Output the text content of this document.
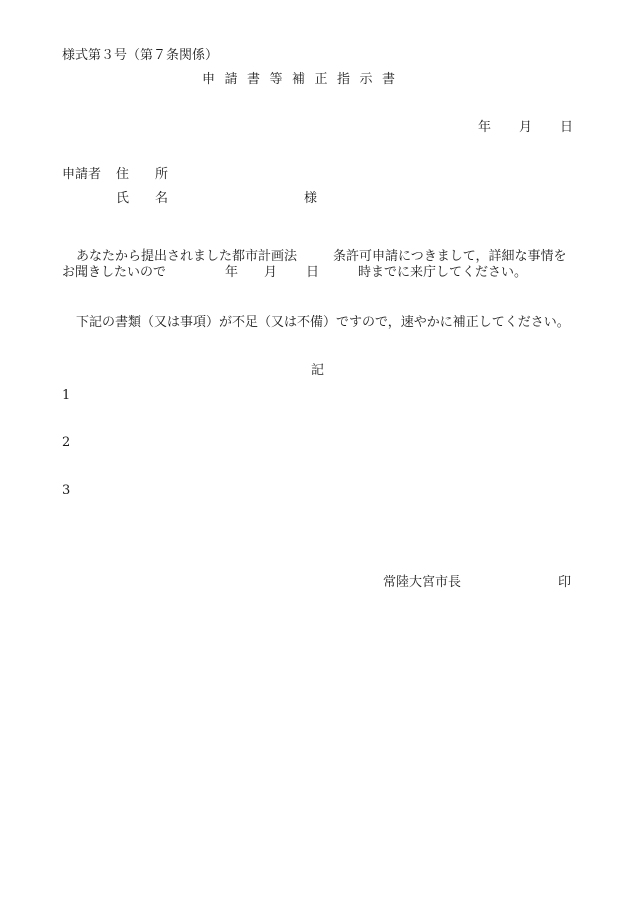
様式第３号（第７条関係）
申請書等補正指示書
年 月 日
申請者 住　　所
氏　　名	様
あなたから提出されました都市計画法	条許可申請につきまして，詳細な事情を
お聞きしたいので	年 月 日	時までに来庁してください。
下記の書類（又は事項）が不足（又は不備）ですので，速やかに補正してください。
記
1
2
3
常陸大宮市長	印
